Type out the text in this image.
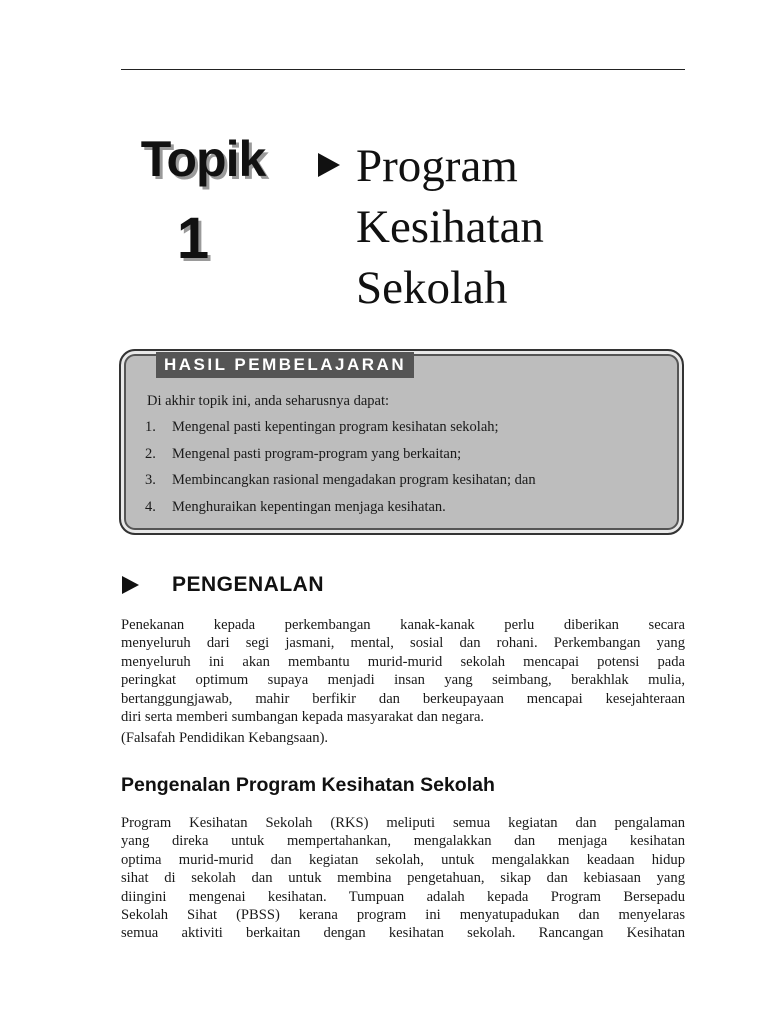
Topik
1
Program
Kesihatan
Sekolah
HASIL PEMBELAJARAN
Di akhir topik ini, anda seharusnya dapat:
1.	Mengenal pasti kepentingan program kesihatan sekolah;
2.	Mengenal pasti program-program yang berkaitan;
3.	Membincangkan rasional mengadakan program kesihatan; dan
4.	Menghuraikan kepentingan menjaga kesihatan.
PENGENALAN
Penekanan kepada perkembangan kanak-kanak perlu diberikan secara
menyeluruh dari segi jasmani, mental, sosial dan rohani. Perkembangan yang
menyeluruh ini akan membantu murid-murid sekolah mencapai potensi pada
peringkat optimum supaya menjadi insan yang seimbang, berakhlak mulia,
bertanggungjawab, mahir berfikir dan berkeupayaan mencapai kesejahteraan
diri serta memberi sumbangan kepada masyarakat dan negara.
(Falsafah Pendidikan Kebangsaan).
Pengenalan Program Kesihatan Sekolah
Program Kesihatan Sekolah (RKS) meliputi semua kegiatan dan pengalaman
yang direka untuk mempertahankan, mengalakkan dan menjaga kesihatan
optima murid-murid dan kegiatan sekolah, untuk mengalakkan keadaan hidup
sihat di sekolah dan untuk membina pengetahuan, sikap dan kebiasaan yang
diingini mengenai kesihatan. Tumpuan adalah kepada Program Bersepadu
Sekolah Sihat (PBSS) kerana program ini menyatupadukan dan menyelaras
semua aktiviti berkaitan dengan kesihatan sekolah. Rancangan Kesihatan
